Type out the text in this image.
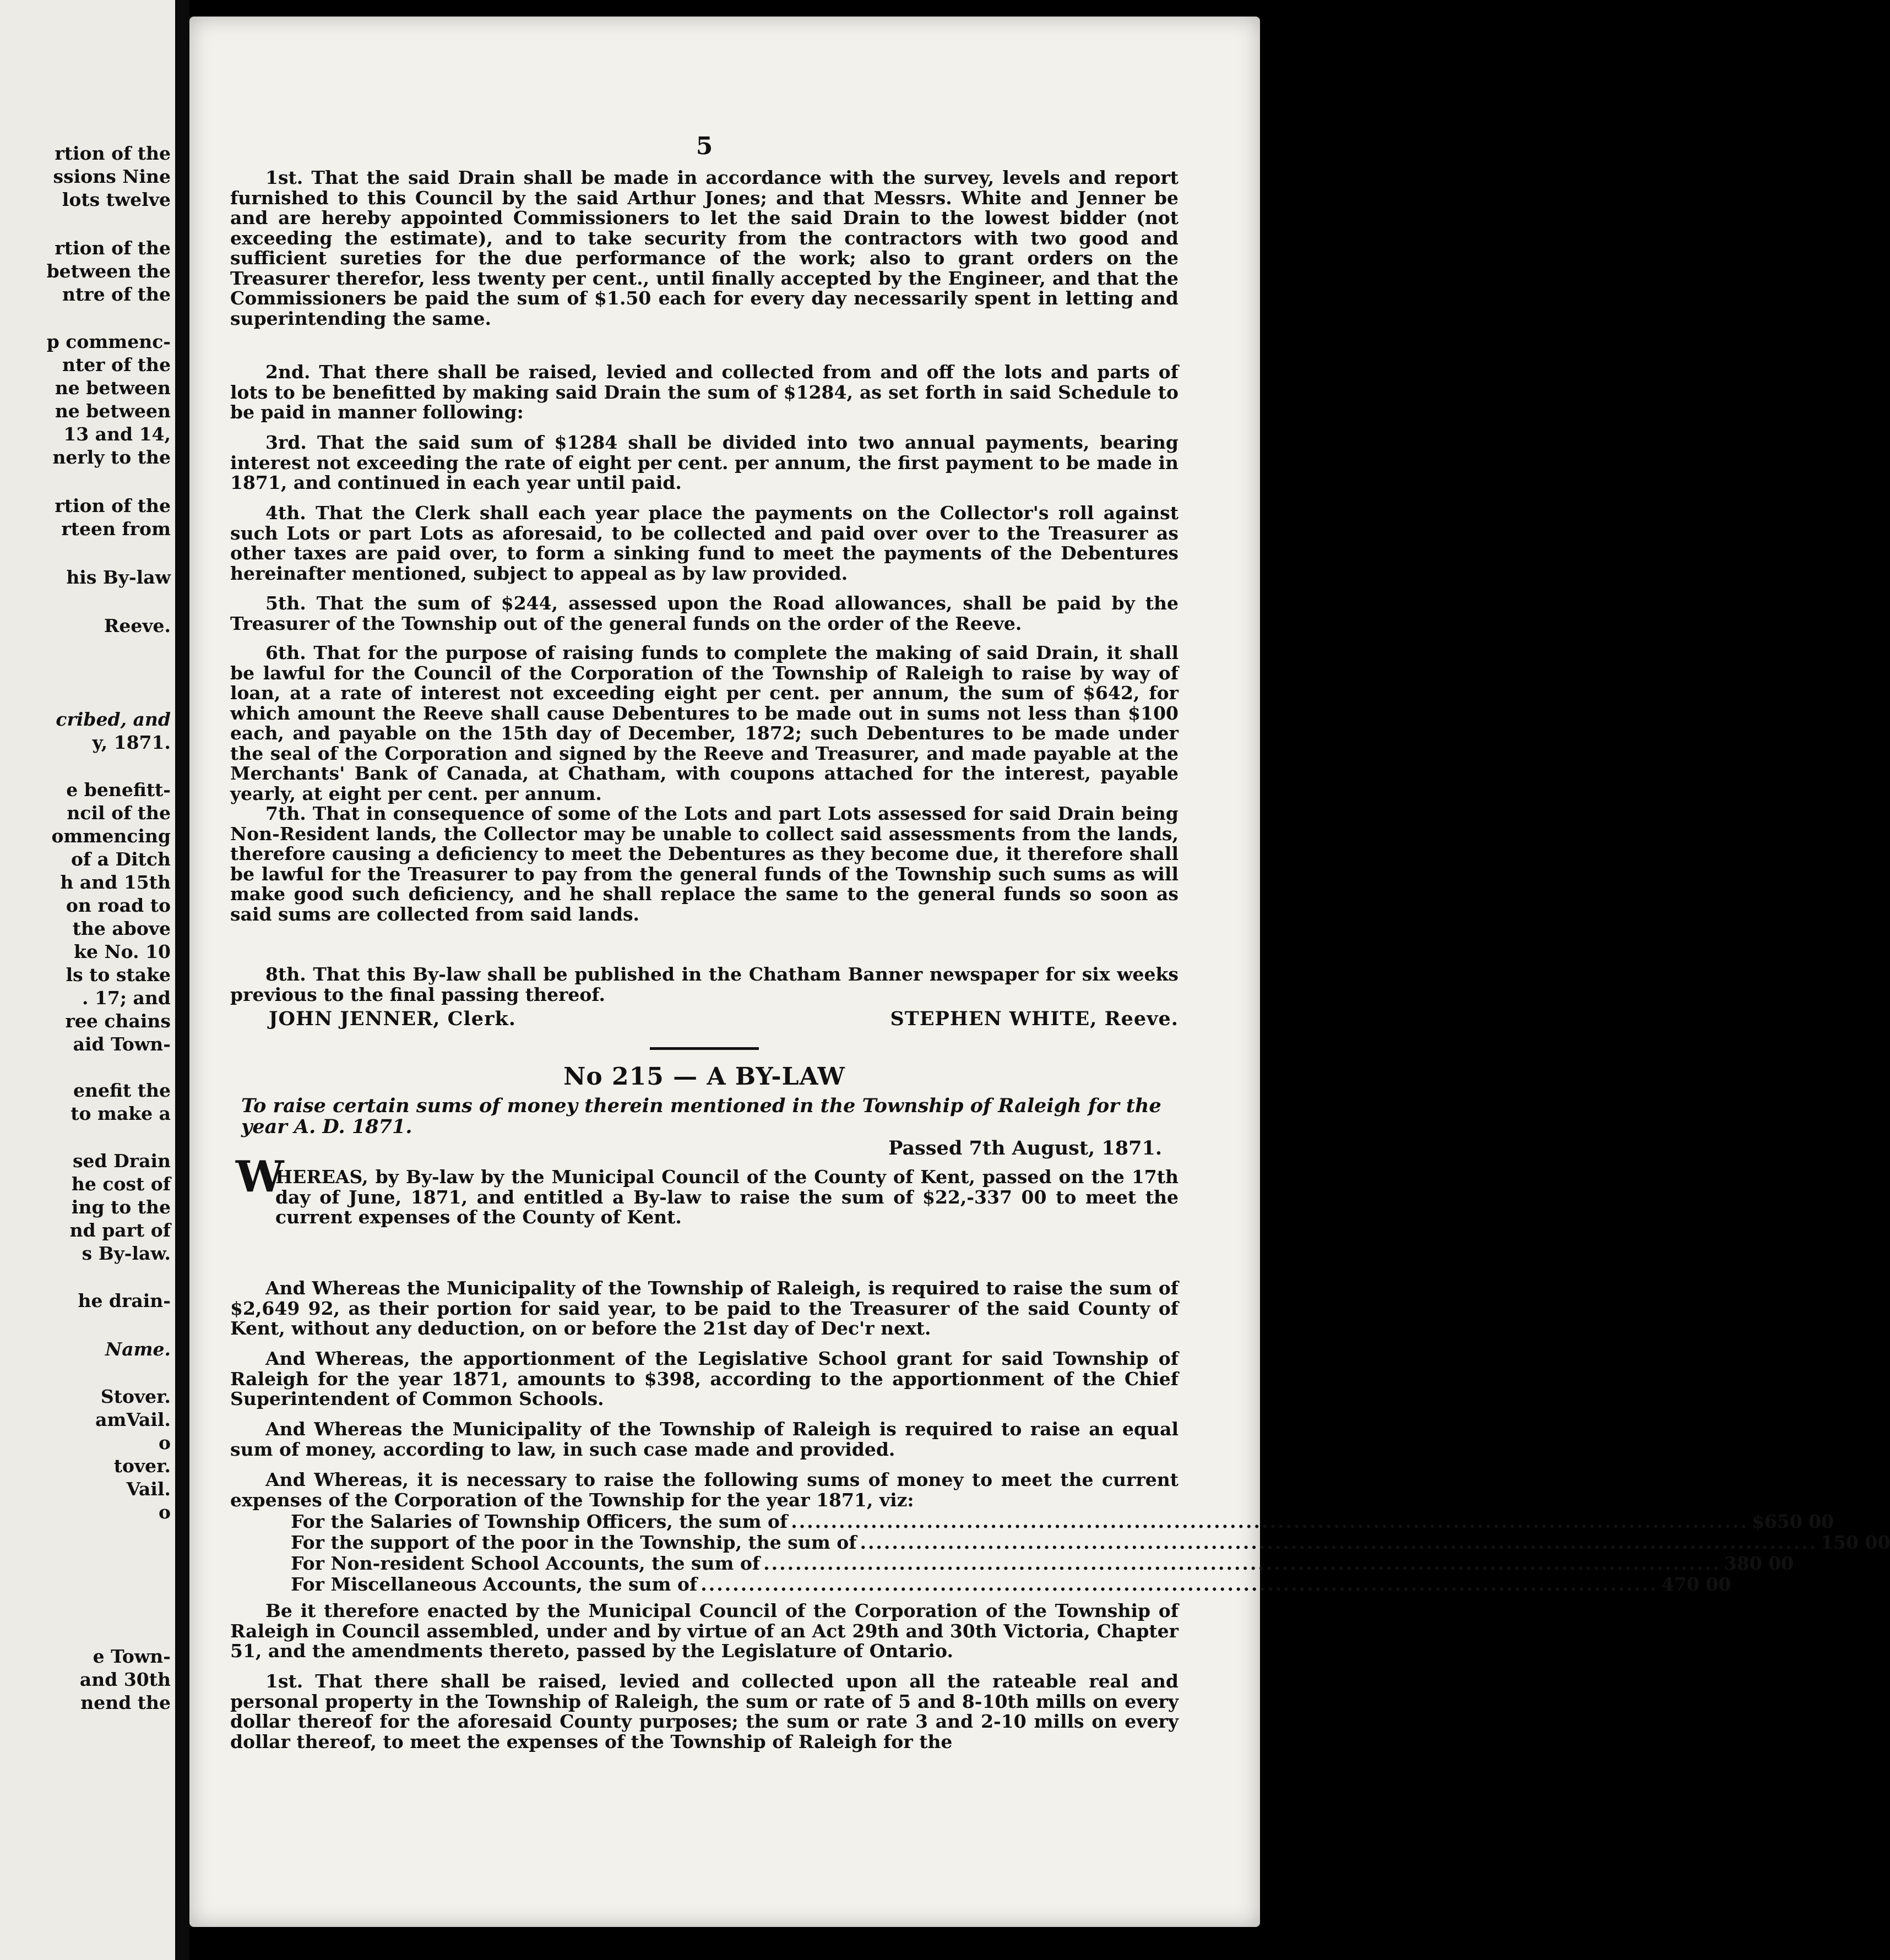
rtion of the
ssions Nine
lots twelve
rtion of the
between the
ntre of the
p commenc-
nter of the
ne between
ne between
13 and 14,
nerly to the
rtion of the
rteen from
his By-law
Reeve.
cribed, and
y, 1871.
e benefitt-
ncil of the
ommencing
of a Ditch
h and 15th
on road to
the above
ke No. 10
ls to stake
. 17; and
ree chains
aid Town-
enefit the
to make a
sed Drain
he cost of
ing to the
nd part of
s By-law.
he drain-
Name.
Stover.
amVail.
o
tover.
Vail.
o
e Town-
and 30th
nend the
5
1st. That the said Drain shall be made in accordance with the survey, levels and report furnished to this Council by the said Arthur Jones; and that Messrs. White and Jenner be and are hereby appointed Commissioners to let the said Drain to the lowest bidder (not exceeding the estimate), and to take security from the contractors with two good and sufficient sureties for the due performance of the work; also to grant orders on the Treasurer therefor, less twenty per cent., until finally accepted by the Engineer, and that the Commissioners be paid the sum of $1.50 each for every day necessarily spent in letting and superintending the same.
2nd. That there shall be raised, levied and collected from and off the lots and parts of lots to be benefitted by making said Drain the sum of $1284, as set forth in said Schedule to be paid in manner following:
3rd. That the said sum of $1284 shall be divided into two annual payments, bearing interest not exceeding the rate of eight per cent. per annum, the first payment to be made in 1871, and continued in each year until paid.
4th. That the Clerk shall each year place the payments on the Collector's roll against such Lots or part Lots as aforesaid, to be collected and paid over over to the Treasurer as other taxes are paid over, to form a sinking fund to meet the payments of the Debentures hereinafter mentioned, subject to appeal as by law provided.
5th. That the sum of $244, assessed upon the Road allowances, shall be paid by the Treasurer of the Township out of the general funds on the order of the Reeve.
6th. That for the purpose of raising funds to complete the making of said Drain, it shall be lawful for the Council of the Corporation of the Township of Raleigh to raise by way of loan, at a rate of interest not exceeding eight per cent. per annum, the sum of $642, for which amount the Reeve shall cause Debentures to be made out in sums not less than $100 each, and payable on the 15th day of December, 1872; such Debentures to be made under the seal of the Corporation and signed by the Reeve and Treasurer, and made payable at the Merchants' Bank of Canada, at Chatham, with coupons attached for the interest, payable yearly, at eight per cent. per annum.
7th. That in consequence of some of the Lots and part Lots assessed for said Drain being Non-Resident lands, the Collector may be unable to collect said assessments from the lands, therefore causing a deficiency to meet the Debentures as they become due, it therefore shall be lawful for the Treasurer to pay from the general funds of the Township such sums as will make good such deficiency, and he shall replace the same to the general funds so soon as said sums are collected from said lands.
8th. That this By-law shall be published in the Chatham Banner newspaper for six weeks previous to the final passing thereof.
JOHN JENNER, Clerk.	STEPHEN WHITE, Reeve.
No 215 — A BY-LAW
To raise certain sums of money therein mentioned in the Township of Raleigh for the year A. D. 1871.
Passed 7th August, 1871.
W
HEREAS, by By-law by the Municipal Council of the County of Kent, passed on the 17th day of June, 1871, and entitled a By-law to raise the sum of $22,-337 00 to meet the current expenses of the County of Kent.
And Whereas the Municipality of the Township of Raleigh, is required to raise the sum of $2,649 92, as their portion for said year, to be paid to the Treasurer of the said County of Kent, without any deduction, on or before the 21st day of Dec'r next.
And Whereas, the apportionment of the Legislative School grant for said Township of Raleigh for the year 1871, amounts to $398, according to the apportionment of the Chief Superintendent of Common Schools.
And Whereas the Municipality of the Township of Raleigh is required to raise an equal sum of money, according to law, in such case made and provided.
And Whereas, it is necessary to raise the following sums of money to meet the current expenses of the Corporation of the Township for the year 1871, viz:
For the Salaries of Township Officers, the sum of ........................................................................................................................ $650 00
For the support of the poor in the Township, the sum of ........................................................................................................................ 150 00
For Non-resident School Accounts, the sum of ........................................................................................................................ 380 00
For Miscellaneous Accounts, the sum of ........................................................................................................................ 470 00
Be it therefore enacted by the Municipal Council of the Corporation of the Township of Raleigh in Council assembled, under and by virtue of an Act 29th and 30th Victoria, Chapter 51, and the amendments thereto, passed by the Legislature of Ontario.
1st. That there shall be raised, levied and collected upon all the rateable real and personal property in the Township of Raleigh, the sum or rate of 5 and 8-10th mills on every dollar thereof for the aforesaid County purposes; the sum or rate 3 and 2-10 mills on every dollar thereof, to meet the expenses of the Township of Raleigh for the
